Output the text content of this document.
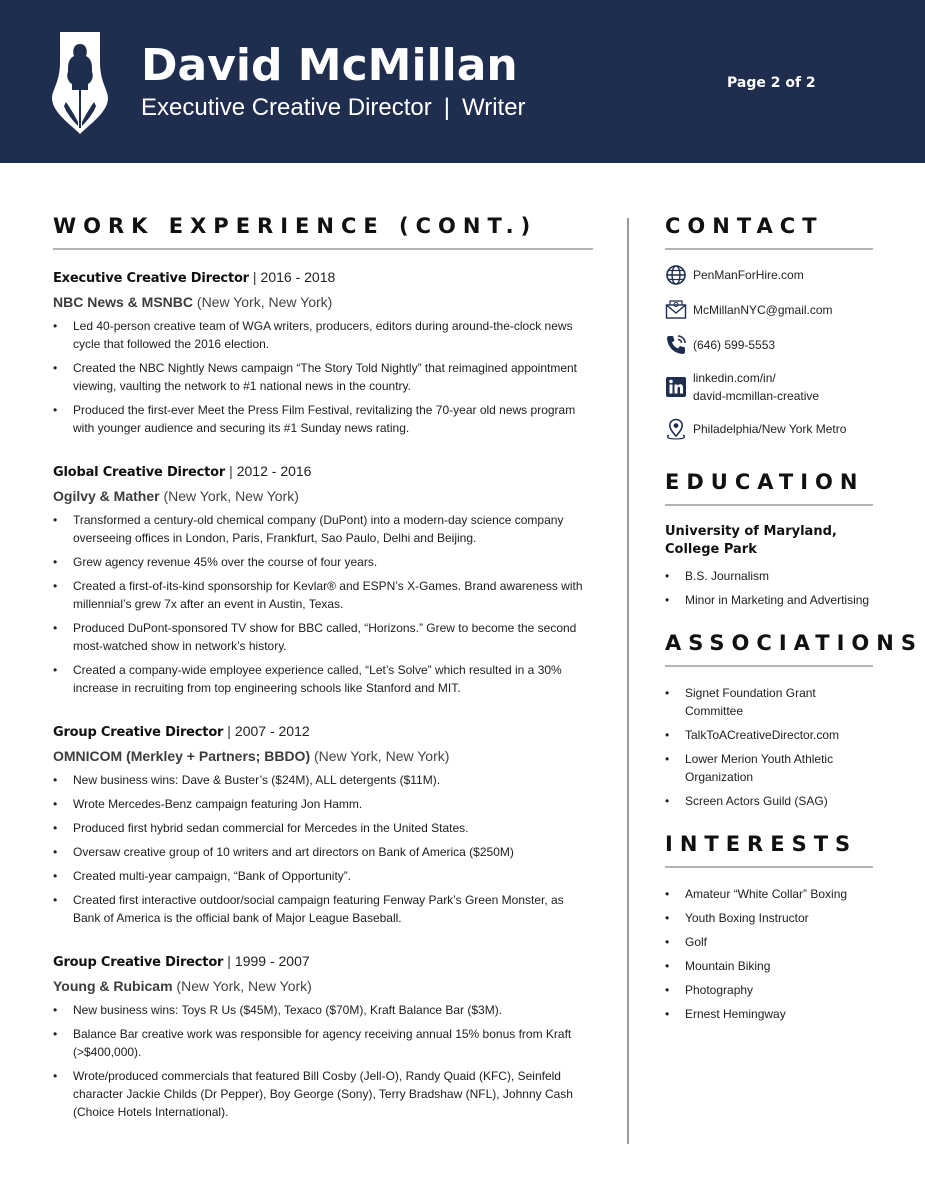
David McMillan
Executive Creative Director | Writer
Page 2 of 2
WORK EXPERIENCE (CONT.)
Executive Creative Director | 2016 - 2018
NBC News & MSNBC (New York, New York)
• Led 40-person creative team of WGA writers, producers, editors during around-the-clock news cycle that followed the 2016 election.
• Created the NBC Nightly News campaign “The Story Told Nightly” that reimagined appointment viewing, vaulting the network to #1 national news in the country.
• Produced the first-ever Meet the Press Film Festival, revitalizing the 70-year old news program with younger audience and securing its #1 Sunday news rating.
Global Creative Director | 2012 - 2016
Ogilvy & Mather (New York, New York)
• Transformed a century-old chemical company (DuPont) into a modern-day science company overseeing offices in London, Paris, Frankfurt, Sao Paulo, Delhi and Beijing.
• Grew agency revenue 45% over the course of four years.
• Created a first-of-its-kind sponsorship for Kevlar® and ESPN’s X-Games. Brand awareness with millennial’s grew 7x after an event in Austin, Texas.
• Produced DuPont-sponsored TV show for BBC called, “Horizons.” Grew to become the second most-watched show in network’s history.
• Created a company-wide employee experience called, “Let’s Solve” which resulted in a 30% increase in recruiting from top engineering schools like Stanford and MIT.
Group Creative Director | 2007 - 2012
OMNICOM (Merkley + Partners; BBDO) (New York, New York)
• New business wins: Dave & Buster’s ($24M), ALL detergents ($11M).
• Wrote Mercedes-Benz campaign featuring Jon Hamm.
• Produced first hybrid sedan commercial for Mercedes in the United States.
• Oversaw creative group of 10 writers and art directors on Bank of America ($250M)
• Created multi-year campaign, “Bank of Opportunity”.
• Created first interactive outdoor/social campaign featuring Fenway Park’s Green Monster, as Bank of America is the official bank of Major League Baseball.
Group Creative Director | 1999 - 2007
Young & Rubicam (New York, New York)
• New business wins: Toys R Us ($45M), Texaco ($70M), Kraft Balance Bar ($3M).
• Balance Bar creative work was responsible for agency receiving annual 15% bonus from Kraft (>$400,000).
• Wrote/produced commercials that featured Bill Cosby (Jell-O), Randy Quaid (KFC), Seinfeld character Jackie Childs (Dr Pepper), Boy George (Sony), Terry Bradshaw (NFL), Johnny Cash (Choice Hotels International).
CONTACT
PenManForHire.com
McMillanNYC@gmail.com
(646) 599-5553
linkedin.com/in/
david-mcmillan-creative
Philadelphia/New York Metro
EDUCATION
University of Maryland, College Park
• B.S. Journalism
• Minor in Marketing and Advertising
ASSOCIATIONS
• Signet Foundation Grant Committee
• TalkToACreativeDirector.com
• Lower Merion Youth Athletic Organization
• Screen Actors Guild (SAG)
INTERESTS
• Amateur “White Collar” Boxing
• Youth Boxing Instructor
• Golf
• Mountain Biking
• Photography
• Ernest Hemingway
